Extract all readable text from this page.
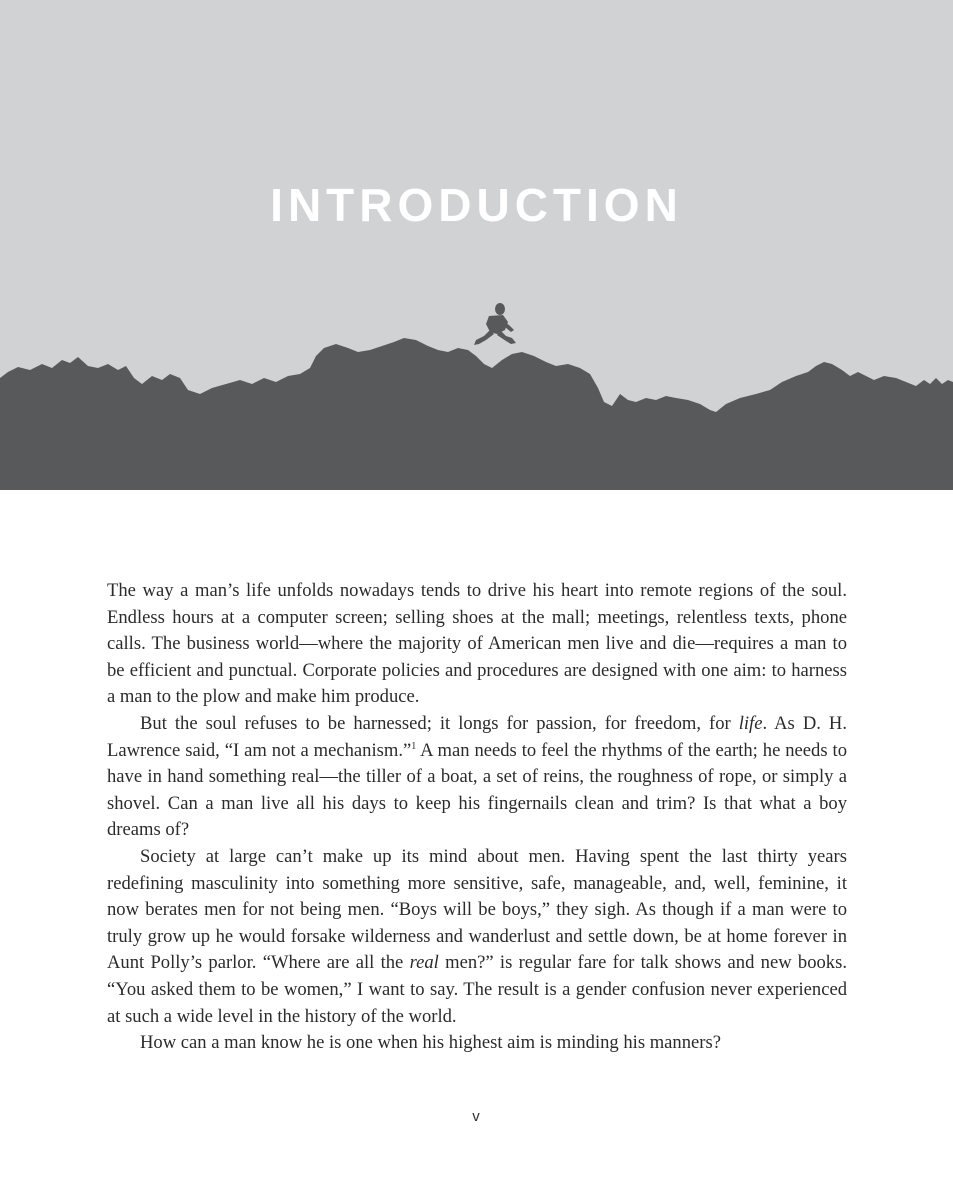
INTRODUCTION

The way a man’s life unfolds nowadays tends to drive his heart into remote regions of the soul. Endless hours at a computer screen; selling shoes at the mall; meetings, relentless texts, phone calls. The business world—where the majority of American men live and die—requires a man to be efficient and punctual. Corporate policies and procedures are designed with one aim: to harness a man to the plow and make him produce.

But the soul refuses to be harnessed; it longs for passion, for freedom, for life. As D. H. Lawrence said, “I am not a mechanism.”$^1$ A man needs to feel the rhythms of the earth; he needs to have in hand something real—the tiller of a boat, a set of reins, the roughness of rope, or simply a shovel. Can a man live all his days to keep his fingernails clean and trim? Is that what a boy dreams of?

Society at large can’t make up its mind about men. Having spent the last thirty years redefining masculinity into something more sensitive, safe, manageable, and, well, feminine, it now berates men for not being men. “Boys will be boys,” they sigh. As though if a man were to truly grow up he would forsake wilderness and wanderlust and settle down, be at home forever in Aunt Polly’s parlor. “Where are all the real men?” is regular fare for talk shows and new books. “You asked them to be women,” I want to say. The result is a gender confusion never experienced at such a wide level in the history of the world.

How can a man know he is one when his highest aim is minding his manners?

v
